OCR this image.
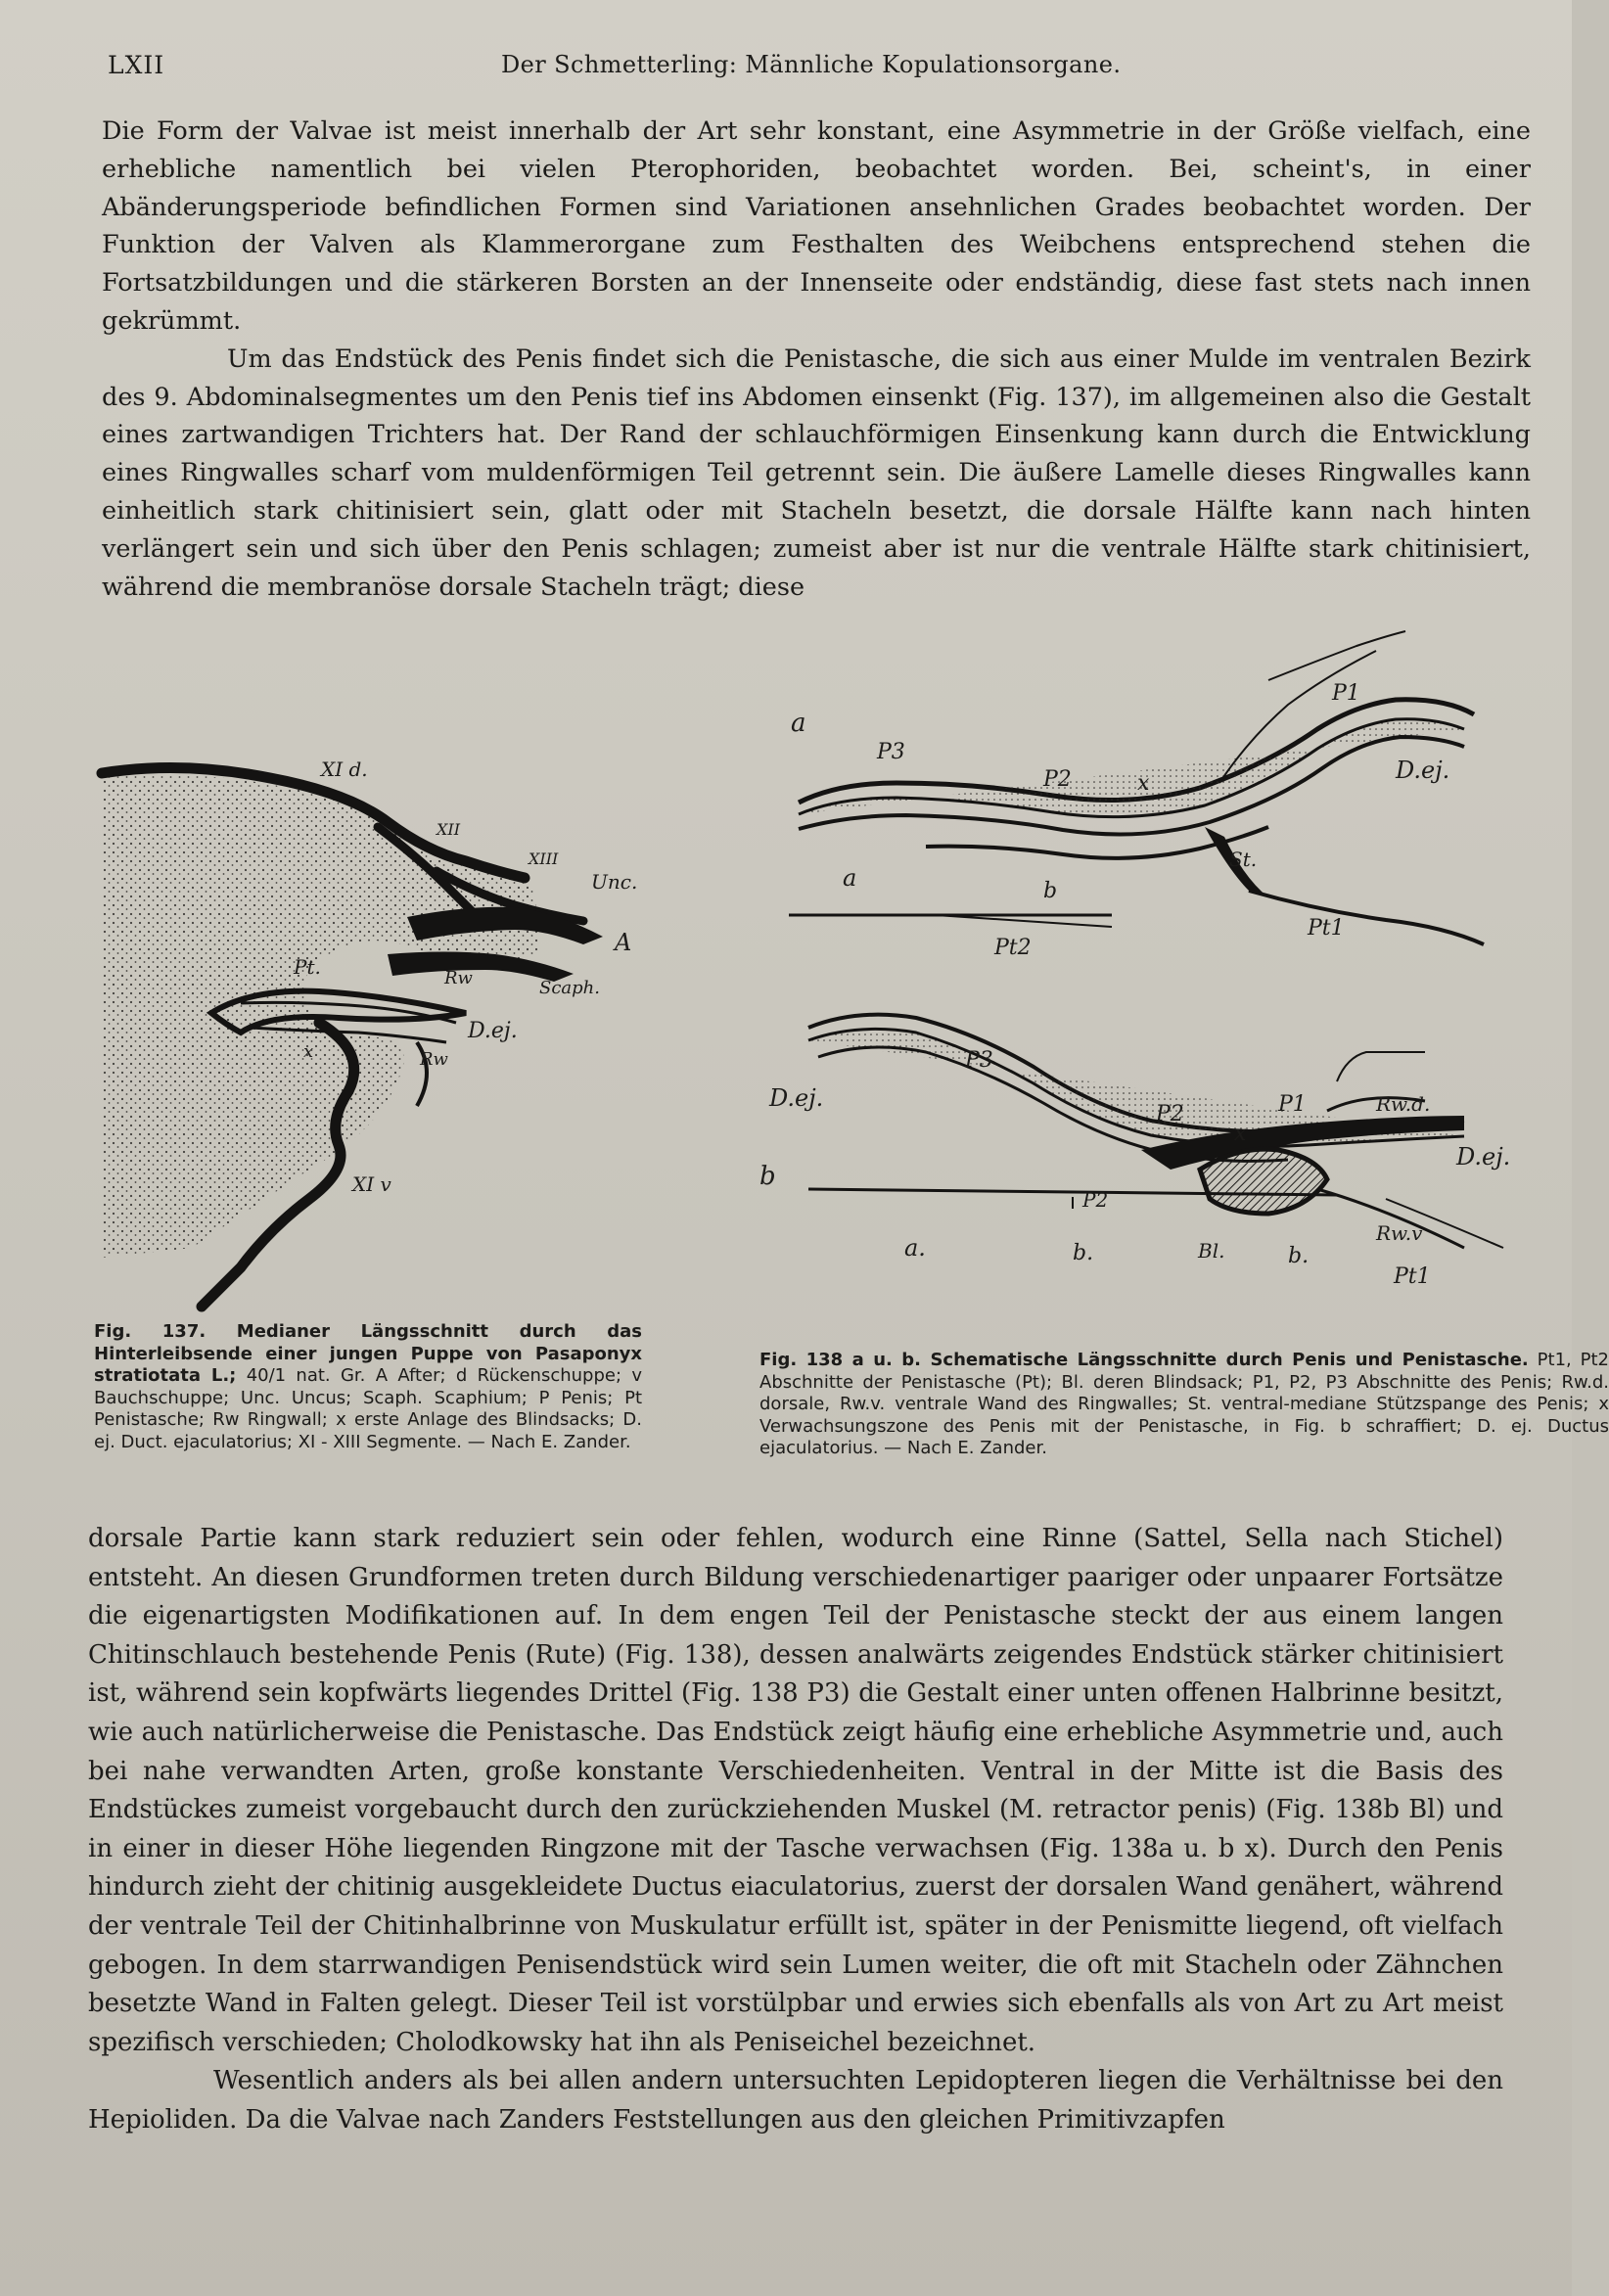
LXII	Der Schmetterling: Männliche Kopulationsorgane.

Die Form der Valvae ist meist innerhalb der Art sehr konstant, eine Asymmetrie in der Größe vielfach, eine erhebliche namentlich bei vielen Pterophoriden, beobachtet worden. Bei, scheint's, in einer Abänderungsperiode befindlichen Formen sind Variationen ansehnlichen Grades beobachtet worden. Der Funktion der Valven als Klammerorgane zum Festhalten des Weibchens entsprechend stehen die Fortsatzbildungen und die stärkeren Borsten an der Innenseite oder endständig, diese fast stets nach innen gekrümmt.

Um das Endstück des Penis findet sich die Penistasche, die sich aus einer Mulde im ventralen Bezirk des 9. Abdominalsegmentes um den Penis tief ins Abdomen einsenkt (Fig. 137), im allgemeinen also die Gestalt eines zartwandigen Trichters hat. Der Rand der schlauchförmigen Einsenkung kann durch die Entwicklung eines Ringwalles scharf vom muldenförmigen Teil getrennt sein. Die äußere Lamelle dieses Ringwalles kann einheitlich stark chitinisiert sein, glatt oder mit Stacheln besetzt, die dorsale Hälfte kann nach hinten verlängert sein und sich über den Penis schlagen; zumeist aber ist nur die ventrale Hälfte stark chitinisiert, während die membranöse dorsale Stacheln trägt; diese

XI d.
XII
XIII
Unc.
A
Pt.	Rw	Scaph.
D.ej.
x	Rw
XI v
a
P3
P2	x
P1
D.ej.
a	b
St.
Pt1
Pt2
b
D.ej.
P3
P2	P1	Rw.d.
x
D.ej.
P2
a.	b.	Bl.	b.
Rw.v
Pt1
Fig. 137. Medianer Längsschnitt durch das Hinterleibsende einer jungen Puppe von Pasaponyx stratiotata L.; 40/1 nat. Gr. A After; d Rückenschuppe; v Bauchschuppe; Unc. Uncus; Scaph. Scaphium; P Penis; Pt Penistasche; Rw Ringwall; x erste Anlage des Blindsacks; D. ej. Duct. ejaculatorius; XI - XIII Segmente. — Nach E. Zander.
Fig. 138 a u. b. Schematische Längsschnitte durch Penis und Penistasche. Pt1, Pt2 Abschnitte der Penistasche (Pt); Bl. deren Blindsack; P1, P2, P3 Abschnitte des Penis; Rw.d. dorsale, Rw.v. ventrale Wand des Ringwalles; St. ventral-mediane Stützspange des Penis; x Verwachsungszone des Penis mit der Penistasche, in Fig. b schraffiert; D. ej. Ductus ejaculatorius. — Nach E. Zander.

dorsale Partie kann stark reduziert sein oder fehlen, wodurch eine Rinne (Sattel, Sella nach Stichel) entsteht. An diesen Grundformen treten durch Bildung verschiedenartiger paariger oder unpaarer Fortsätze die eigenartigsten Modifikationen auf. In dem engen Teil der Penistasche steckt der aus einem langen Chitinschlauch bestehende Penis (Rute) (Fig. 138), dessen analwärts zeigendes Endstück stärker chitinisiert ist, während sein kopfwärts liegendes Drittel (Fig. 138 P3) die Gestalt einer unten offenen Halbrinne besitzt, wie auch natürlicherweise die Penistasche. Das Endstück zeigt häufig eine erhebliche Asymmetrie und, auch bei nahe verwandten Arten, große konstante Verschiedenheiten. Ventral in der Mitte ist die Basis des Endstückes zumeist vorgebaucht durch den zurückziehenden Muskel (M. retractor penis) (Fig. 138b Bl) und in einer in dieser Höhe liegenden Ringzone mit der Tasche verwachsen (Fig. 138a u. b x). Durch den Penis hindurch zieht der chitinig ausgekleidete Ductus eiaculatorius, zuerst der dorsalen Wand genähert, während der ventrale Teil der Chitinhalbrinne von Muskulatur erfüllt ist, später in der Penismitte liegend, oft vielfach gebogen. In dem starrwandigen Penisendstück wird sein Lumen weiter, die oft mit Stacheln oder Zähnchen besetzte Wand in Falten gelegt. Dieser Teil ist vorstülpbar und erwies sich ebenfalls als von Art zu Art meist spezifisch verschieden; Cholodkowsky hat ihn als Peniseichel bezeichnet.

Wesentlich anders als bei allen andern untersuchten Lepidopteren liegen die Verhältnisse bei den Hepioliden. Da die Valvae nach Zanders Feststellungen aus den gleichen Primitivzapfen
